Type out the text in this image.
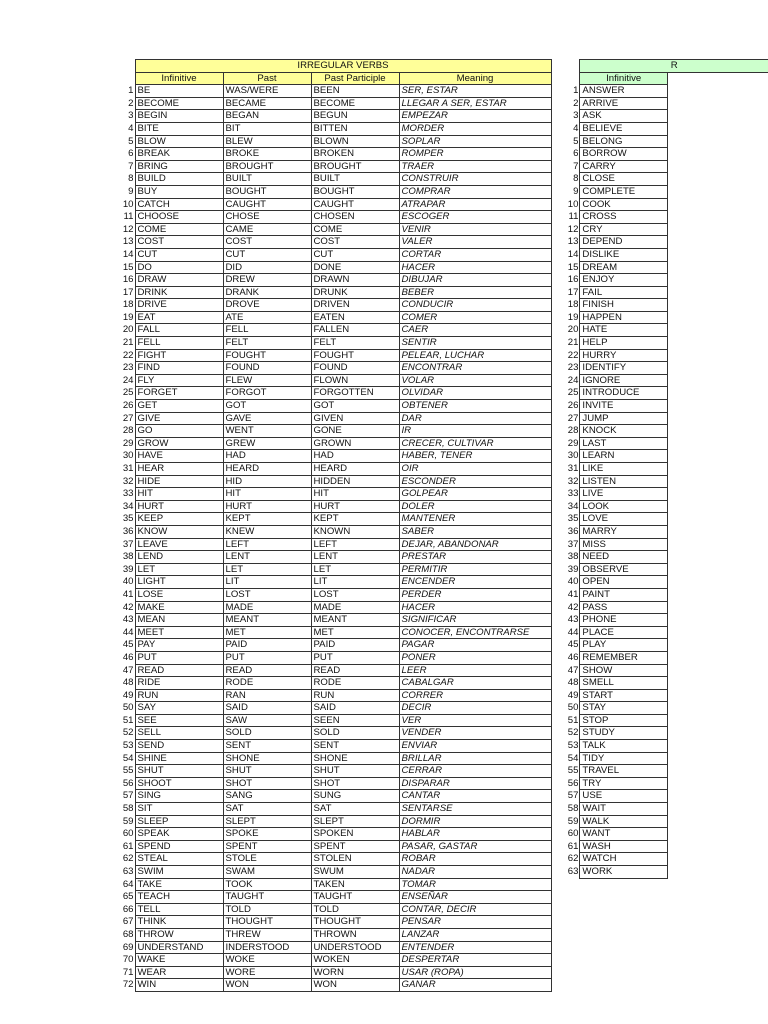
	IRREGULAR VERBS			
	Infinitive	Past	Past Participle	Meaning
1	BE	WAS/WERE	BEEN	SER, ESTAR
2	BECOME	BECAME	BECOME	LLEGAR A SER, ESTAR
3	BEGIN	BEGAN	BEGUN	EMPEZAR
4	BITE	BIT	BITTEN	MORDER
5	BLOW	BLEW	BLOWN	SOPLAR
6	BREAK	BROKE	BROKEN	ROMPER
7	BRING	BROUGHT	BROUGHT	TRAER
8	BUILD	BUILT	BUILT	CONSTRUIR
9	BUY	BOUGHT	BOUGHT	COMPRAR
10	CATCH	CAUGHT	CAUGHT	ATRAPAR
11	CHOOSE	CHOSE	CHOSEN	ESCOGER
12	COME	CAME	COME	VENIR
13	COST	COST	COST	VALER
14	CUT	CUT	CUT	CORTAR
15	DO	DID	DONE	HACER
16	DRAW	DREW	DRAWN	DIBUJAR
17	DRINK	DRANK	DRUNK	BEBER
18	DRIVE	DROVE	DRIVEN	CONDUCIR
19	EAT	ATE	EATEN	COMER
20	FALL	FELL	FALLEN	CAER
21	FELL	FELT	FELT	SENTIR
22	FIGHT	FOUGHT	FOUGHT	PELEAR, LUCHAR
23	FIND	FOUND	FOUND	ENCONTRAR
24	FLY	FLEW	FLOWN	VOLAR
25	FORGET	FORGOT	FORGOTTEN	OLVIDAR
26	GET	GOT	GOT	OBTENER
27	GIVE	GAVE	GIVEN	DAR
28	GO	WENT	GONE	IR
29	GROW	GREW	GROWN	CRECER, CULTIVAR
30	HAVE	HAD	HAD	HABER, TENER
31	HEAR	HEARD	HEARD	OIR
32	HIDE	HID	HIDDEN	ESCONDER
33	HIT	HIT	HIT	GOLPEAR
34	HURT	HURT	HURT	DOLER
35	KEEP	KEPT	KEPT	MANTENER
36	KNOW	KNEW	KNOWN	SABER
37	LEAVE	LEFT	LEFT	DEJAR, ABANDONAR
38	LEND	LENT	LENT	PRESTAR
39	LET	LET	LET	PERMITIR
40	LIGHT	LIT	LIT	ENCENDER
41	LOSE	LOST	LOST	PERDER
42	MAKE	MADE	MADE	HACER
43	MEAN	MEANT	MEANT	SIGNIFICAR
44	MEET	MET	MET	CONOCER, ENCONTRARSE
45	PAY	PAID	PAID	PAGAR
46	PUT	PUT	PUT	PONER
47	READ	READ	READ	LEER
48	RIDE	RODE	RODE	CABALGAR
49	RUN	RAN	RUN	CORRER
50	SAY	SAID	SAID	DECIR
51	SEE	SAW	SEEN	VER
52	SELL	SOLD	SOLD	VENDER
53	SEND	SENT	SENT	ENVIAR
54	SHINE	SHONE	SHONE	BRILLAR
55	SHUT	SHUT	SHUT	CERRAR
56	SHOOT	SHOT	SHOT	DISPARAR
57	SING	SANG	SUNG	CANTAR
58	SIT	SAT	SAT	SENTARSE
59	SLEEP	SLEPT	SLEPT	DORMIR
60	SPEAK	SPOKE	SPOKEN	HABLAR
61	SPEND	SPENT	SPENT	PASAR, GASTAR
62	STEAL	STOLE	STOLEN	ROBAR
63	SWIM	SWAM	SWUM	NADAR
64	TAKE	TOOK	TAKEN	TOMAR
65	TEACH	TAUGHT	TAUGHT	ENSEÑAR
66	TELL	TOLD	TOLD	CONTAR, DECIR
67	THINK	THOUGHT	THOUGHT	PENSAR
68	THROW	THREW	THROWN	LANZAR
69	UNDERSTAND	INDERSTOOD	UNDERSTOOD	ENTENDER
70	WAKE	WOKE	WOKEN	DESPERTAR
71	WEAR	WORE	WORN	USAR (ROPA)
72	WIN	WON	WON	GANAR
	R	
	Infinitive	
1	ANSWER	
2	ARRIVE	
3	ASK	
4	BELIEVE	
5	BELONG	
6	BORROW	
7	CARRY	
8	CLOSE	
9	COMPLETE	
10	COOK	
11	CROSS	
12	CRY	
13	DEPEND	
14	DISLIKE	
15	DREAM	
16	ENJOY	
17	FAIL	
18	FINISH	
19	HAPPEN	
20	HATE	
21	HELP	
22	HURRY	
23	IDENTIFY	
24	IGNORE	
25	INTRODUCE	
26	INVITE	
27	JUMP	
28	KNOCK	
29	LAST	
30	LEARN	
31	LIKE	
32	LISTEN	
33	LIVE	
34	LOOK	
35	LOVE	
36	MARRY	
37	MISS	
38	NEED	
39	OBSERVE	
40	OPEN	
41	PAINT	
42	PASS	
43	PHONE	
44	PLACE	
45	PLAY	
46	REMEMBER	
47	SHOW	
48	SMELL	
49	START	
50	STAY	
51	STOP	
52	STUDY	
53	TALK	
54	TIDY	
55	TRAVEL	
56	TRY	
57	USE	
58	WAIT	
59	WALK	
60	WANT	
61	WASH	
62	WATCH	
63	WORK	
